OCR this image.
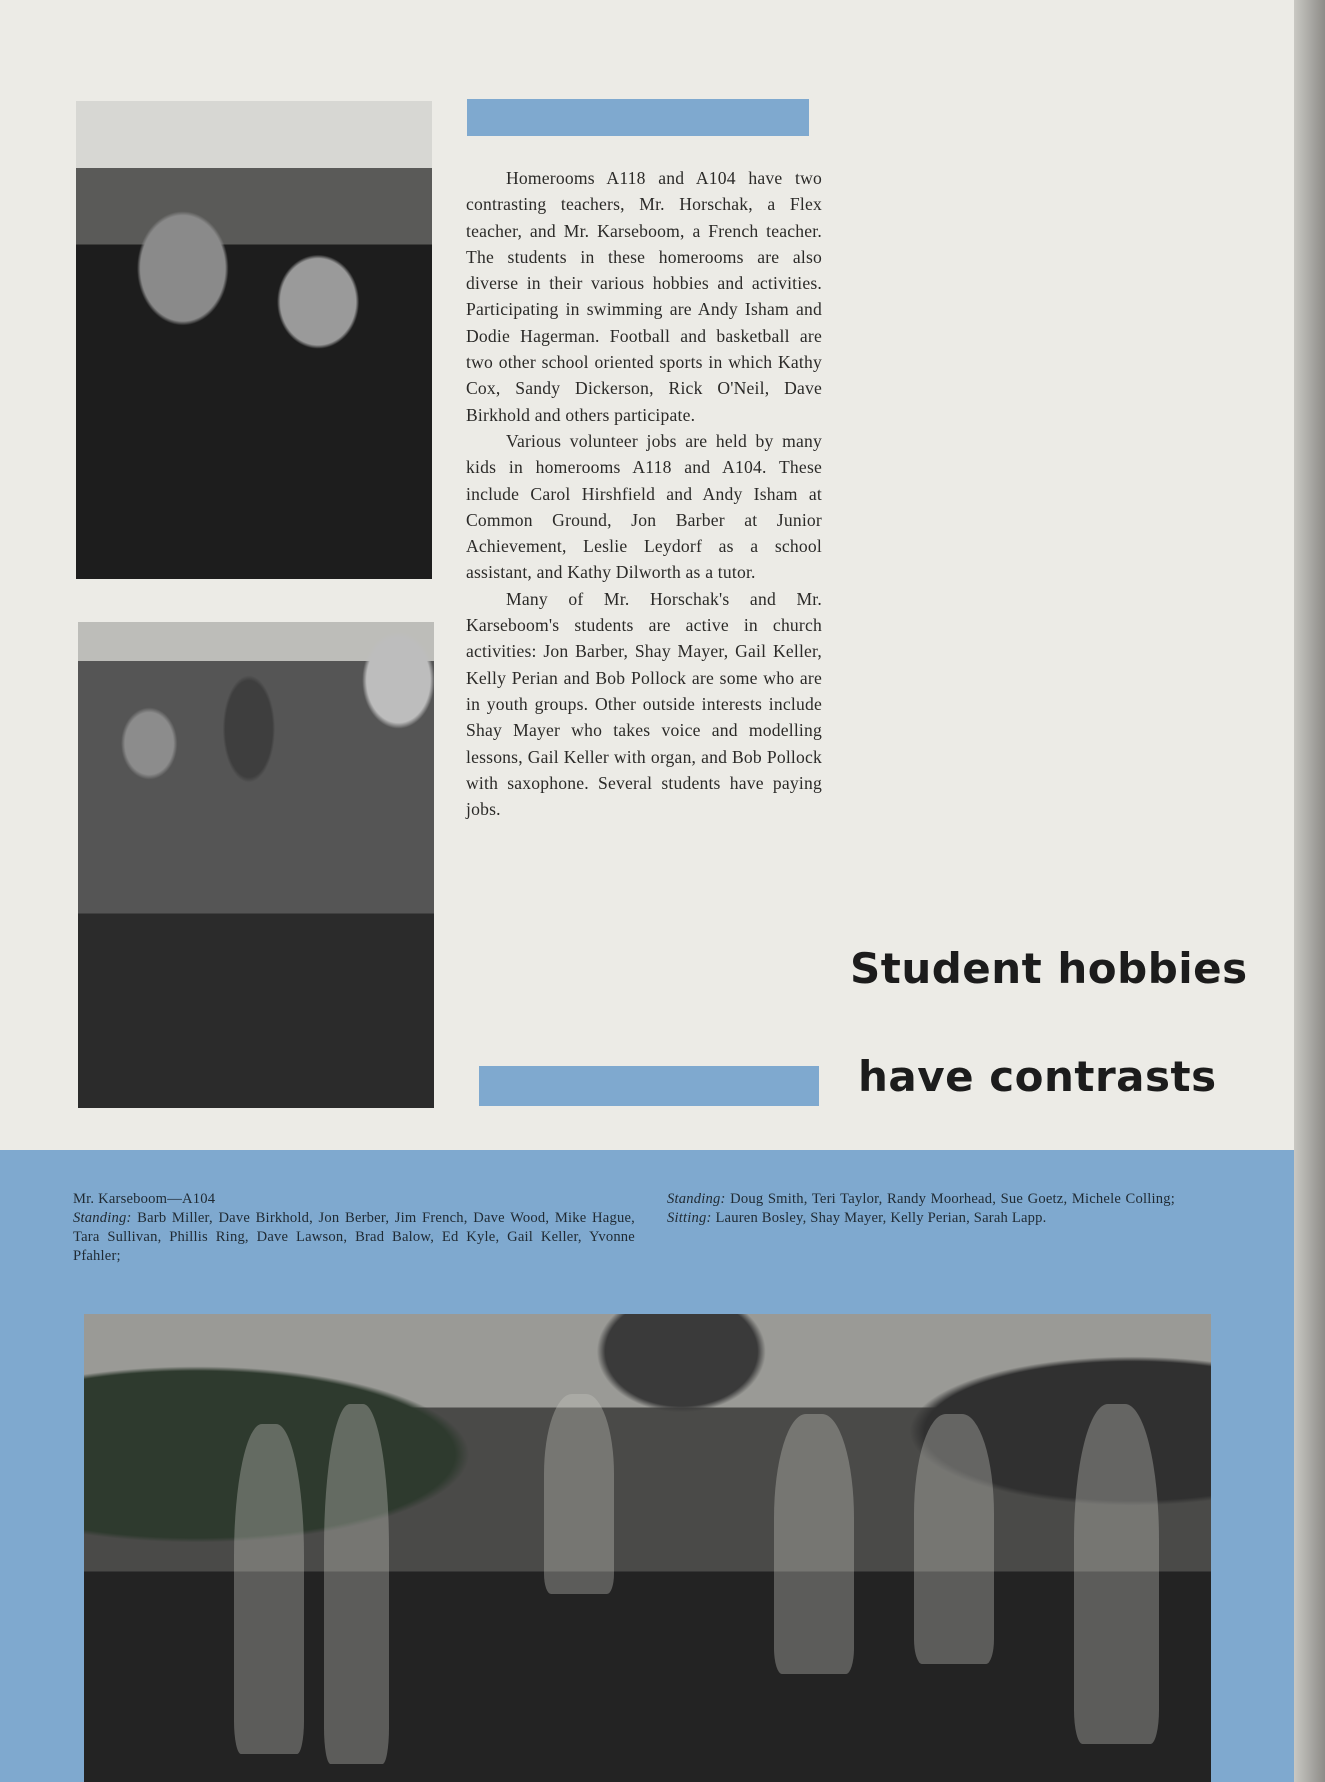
Homerooms A118 and A104 have two contrasting teachers, Mr. Horschak, a Flex teacher, and Mr. Karseboom, a French teacher. The students in these homerooms are also diverse in their various hobbies and activities. Participating in swimming are Andy Isham and Dodie Hagerman. Football and basketball are two other school oriented sports in which Kathy Cox, Sandy Dickerson, Rick O'Neil, Dave Birkhold and others participate.

Various volunteer jobs are held by many kids in homerooms A118 and A104. These include Carol Hirshfield and Andy Isham at Common Ground, Jon Barber at Junior Achievement, Leslie Leydorf as a school assistant, and Kathy Dilworth as a tutor.

Many of Mr. Horschak's and Mr. Karseboom's students are active in church activities: Jon Barber, Shay Mayer, Gail Keller, Kelly Perian and Bob Pollock are some who are in youth groups. Other outside interests include Shay Mayer who takes voice and modelling lessons, Gail Keller with organ, and Bob Pollock with saxophone. Several students have paying jobs.

Student hobbies
have contrasts
Mr. Karseboom—A104
Standing: Barb Miller, Dave Birkhold, Jon Berber, Jim French, Dave Wood, Mike Hague, Tara Sullivan, Phillis Ring, Dave Lawson, Brad Balow, Ed Kyle, Gail Keller, Yvonne Pfahler;
Standing: Doug Smith, Teri Taylor, Randy Moorhead, Sue Goetz, Michele Colling; Sitting: Lauren Bosley, Shay Mayer, Kelly Perian, Sarah Lapp.
